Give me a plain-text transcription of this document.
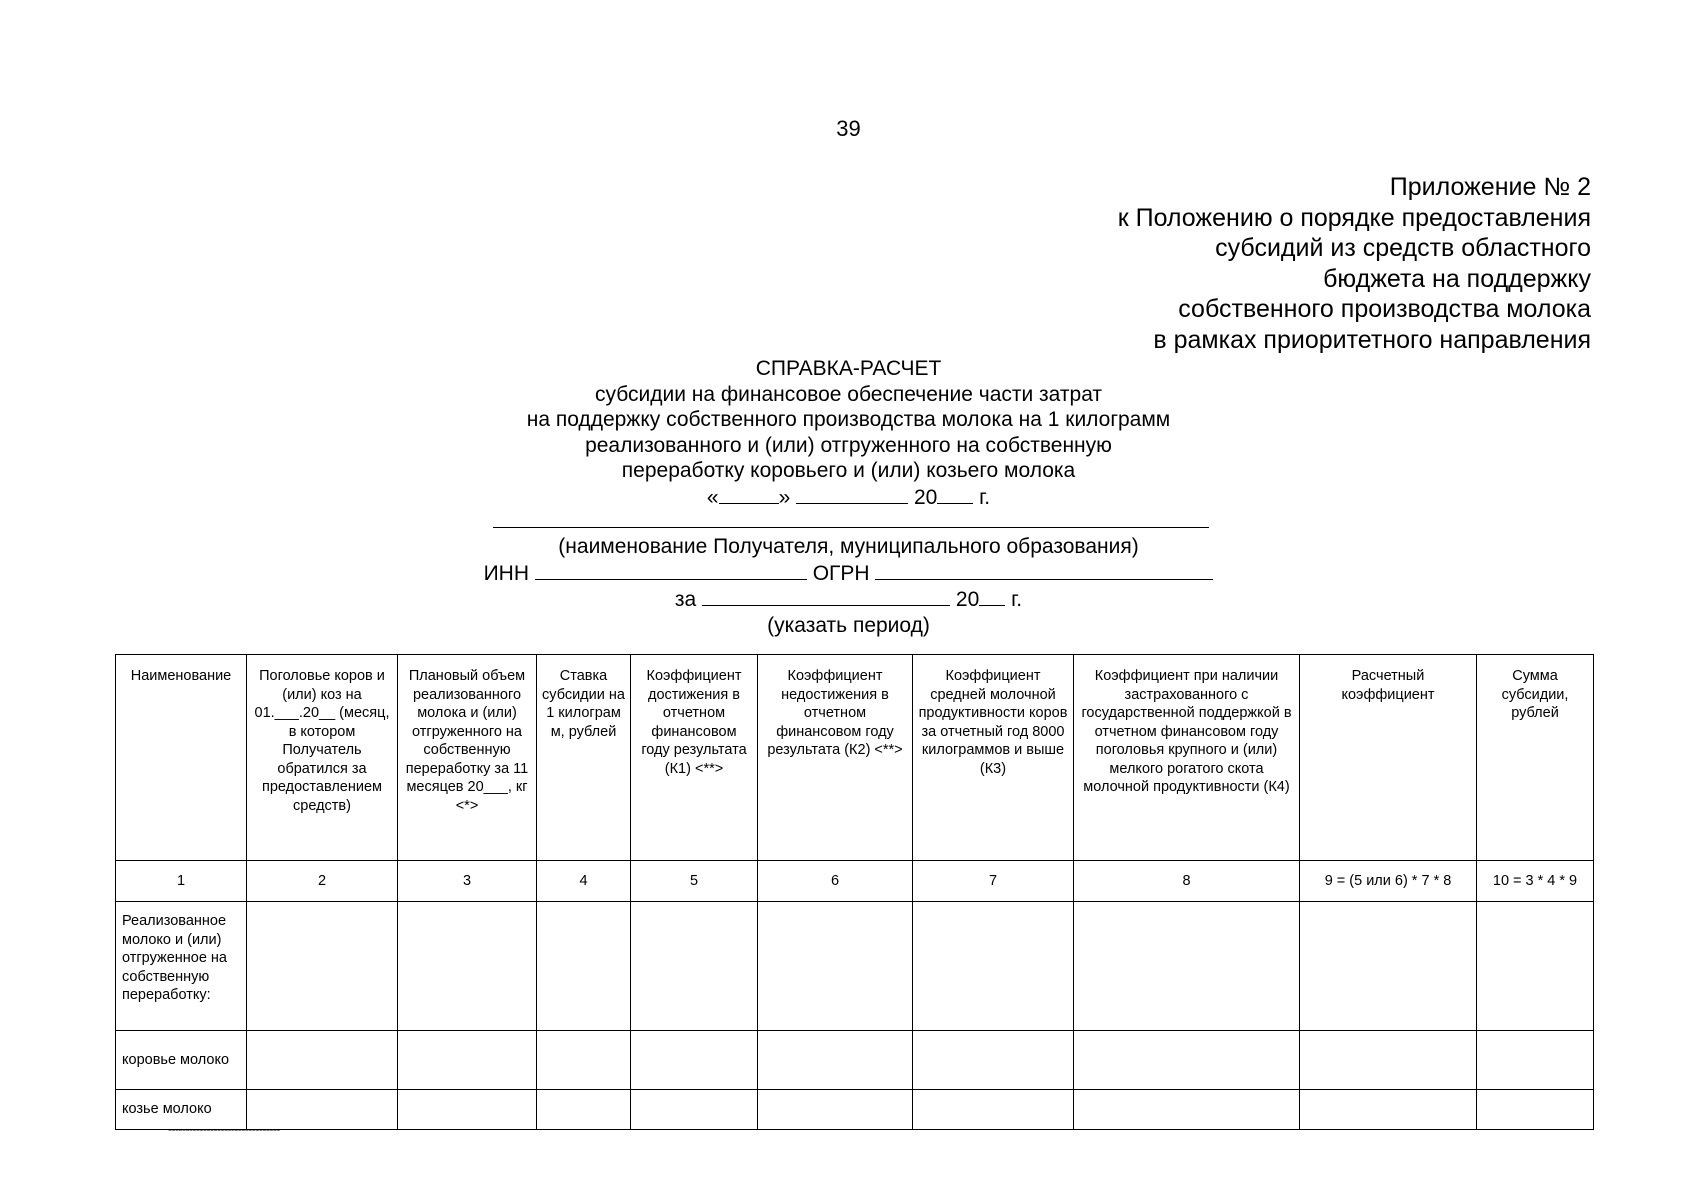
39
Приложение № 2
к Положению о порядке предоставления
субсидий из средств областного
бюджета на поддержку
собственного производства молока
в рамках приоритетного направления
СПРАВКА-РАСЧЕТ
субсидии на финансовое обеспечение части затрат
на поддержку собственного производства молока на 1 килограмм
реализованного и (или) отгруженного на собственную
переработку коровьего и (или) козьего молока
«	»	20 г.
(наименование Получателя, муниципального образования)
ИНН	ОГРН
за	20 г.
(указать период)
Наименование	Поголовье коров и (или) коз на 01.___.20__ (месяц, в котором Получатель обратился за предоставлением средств)	Плановый объем реализованного молока и (или) отгруженного на собственную переработку за 11 месяцев 20___, кг <*>	Ставка субсидии на 1 килограм м, рублей	Коэффициент достижения в отчетном финансовом году результата (К1) <**>	Коэффициент недостижения в отчетном финансовом году результата (К2) <**>	Коэффициент средней молочной продуктивности коров за отчетный год 8000 килограммов и выше (К3)	Коэффициент при наличии застрахованного с государственной поддержкой в отчетном финансовом году поголовья крупного и (или) мелкого рогатого скота молочной продуктивности (К4)	Расчетный коэффициент	Сумма субсидии, рублей
1	2	3	4	5	6	7	8	9 = (5 или 6) * 7 * 8	10 = 3 * 4 * 9
Реализованное молоко и (или) отгруженное на собственную переработку:									
коровье молоко									
козье молоко									
--------------------------------
